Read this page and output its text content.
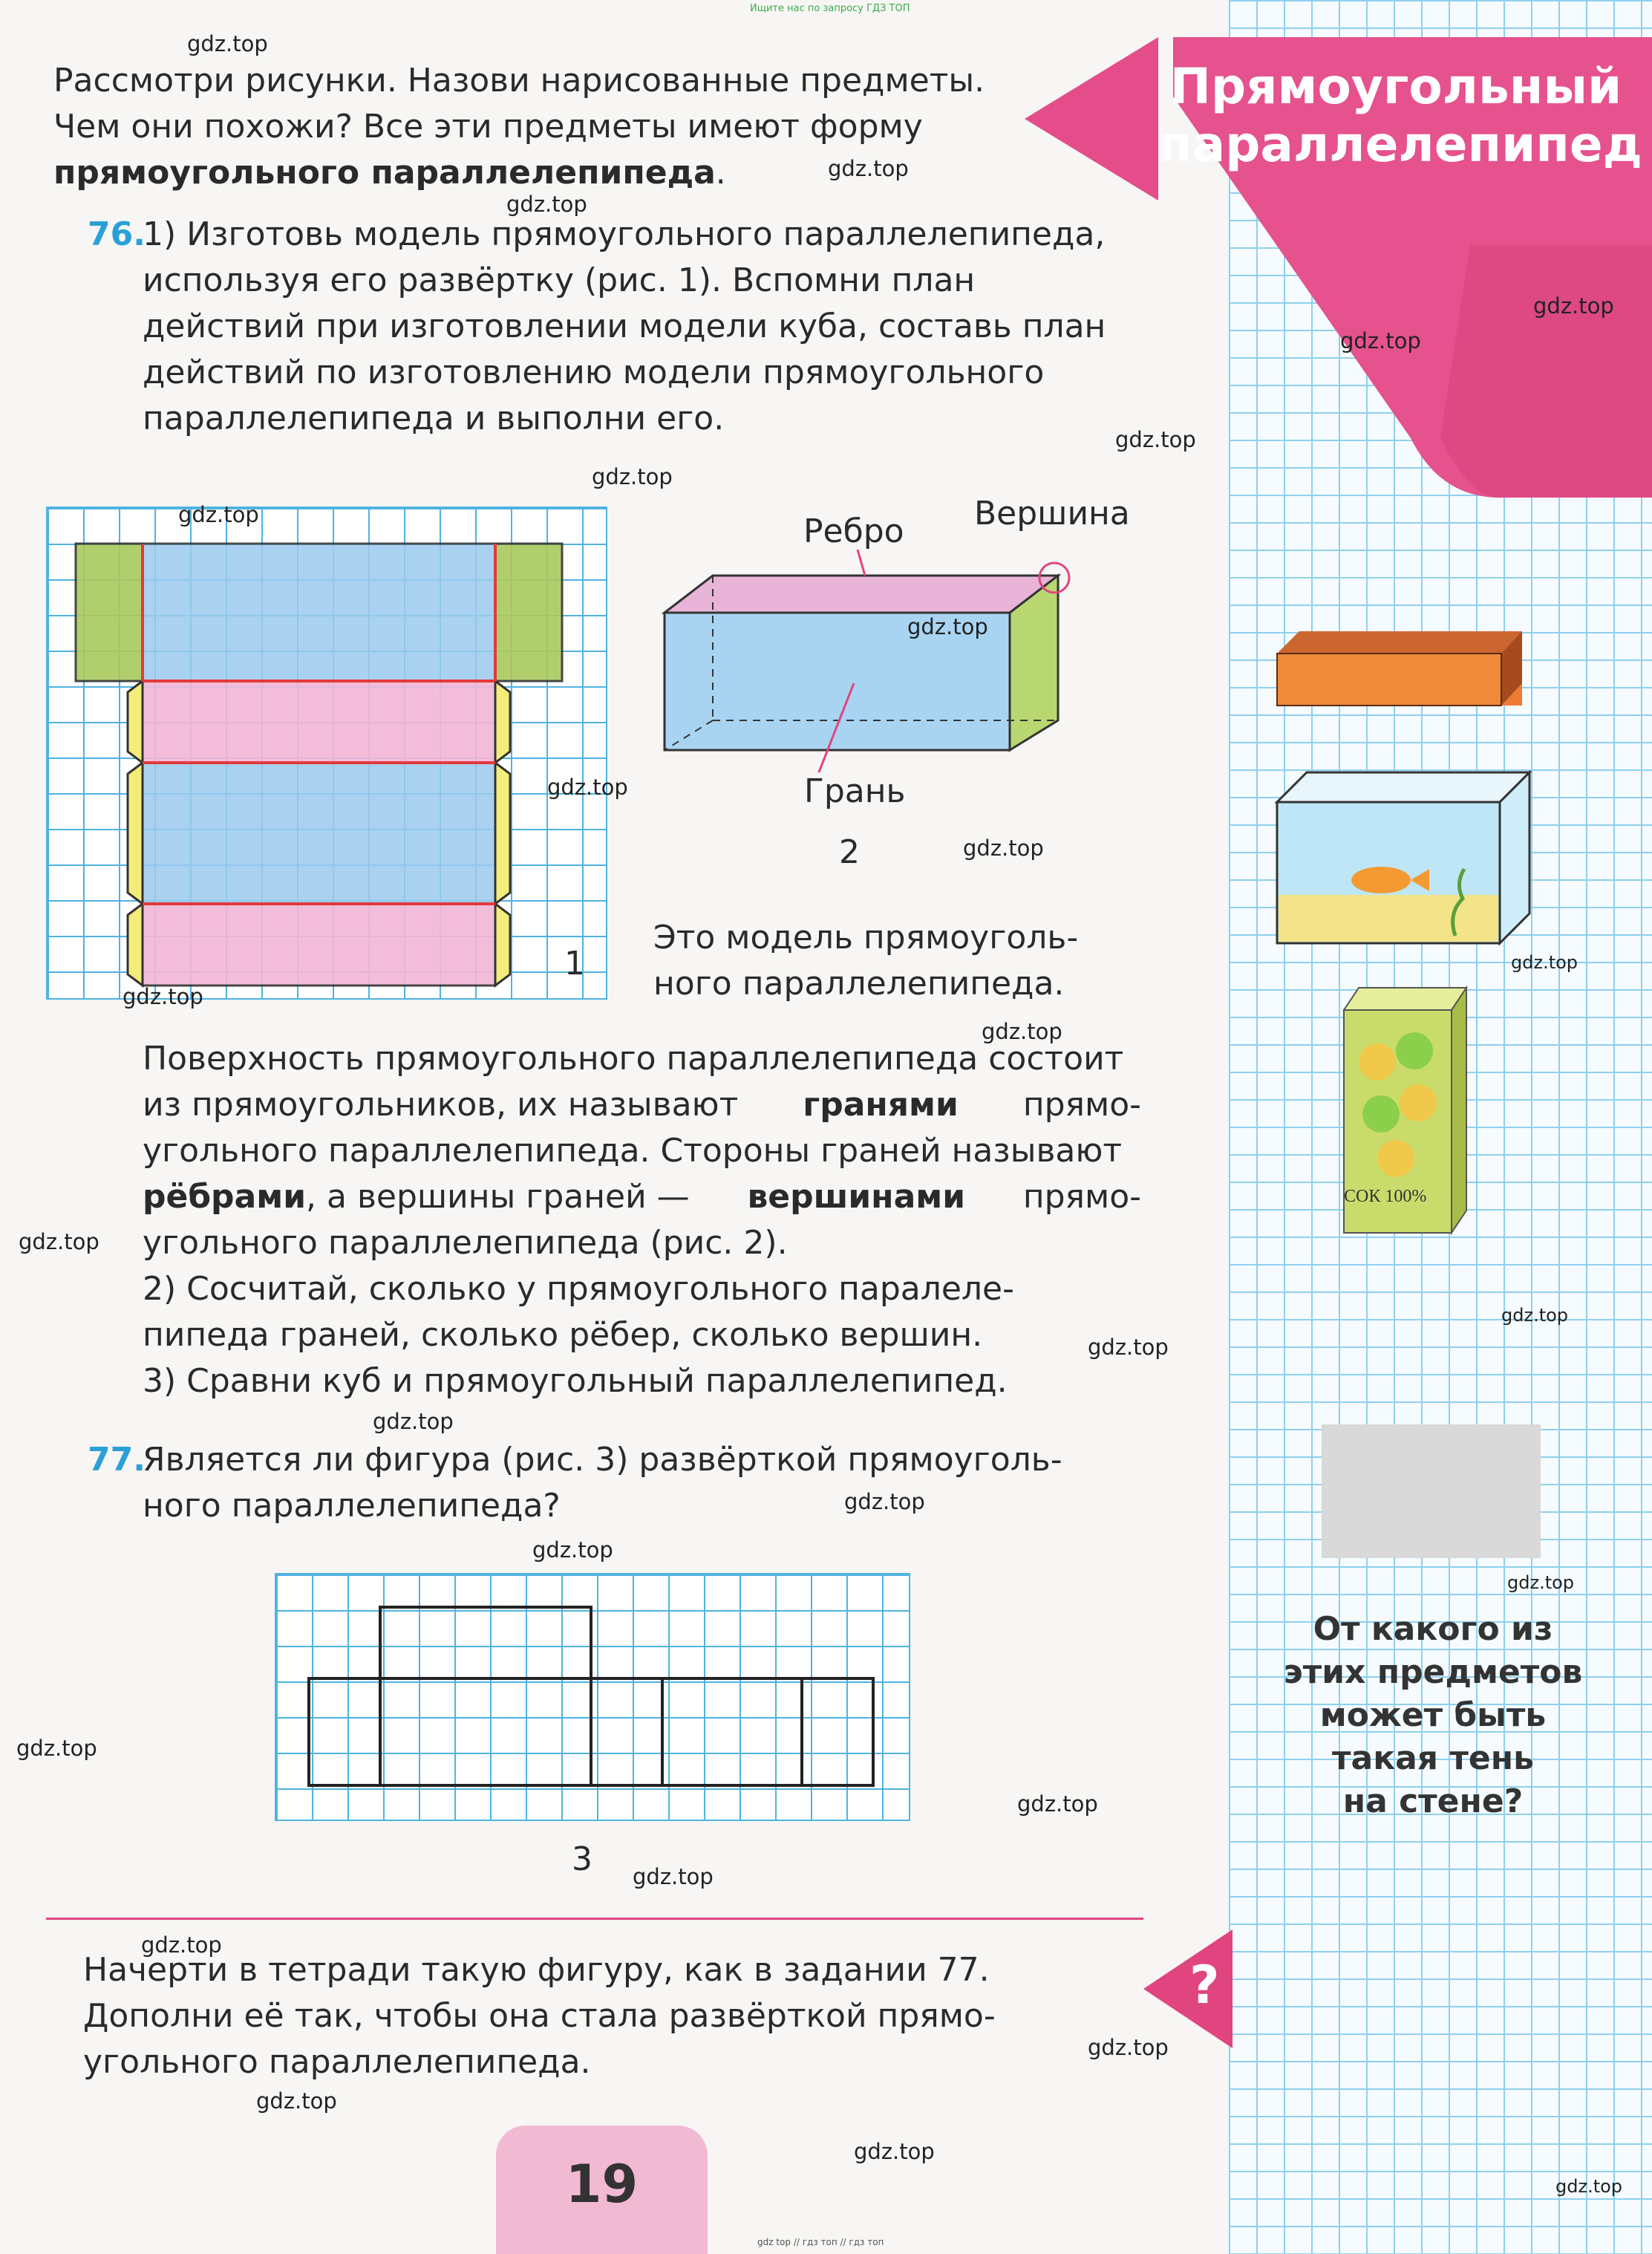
Прямоугольный
параллелепипед
Ищите нас по запросу ГДЗ ТОП
gdz top // гдз топ // гдз топ
Рассмотри рисунки. Назови нарисованные предметы.
Чем они похожи? Все эти предметы имеют форму
прямоугольного параллелепипеда.
76.
1) Изготовь модель прямоугольного параллелепипеда,
используя его развёртку (рис. 1). Вспомни план
действий при изготовлении модели куба, составь план
действий по изготовлению модели прямоугольного
параллелепипеда и выполни его.
1
Ребро Вершина
Грань
2
Это модель прямоуголь-
ного параллелепипеда.
Поверхность прямоугольного параллелепипеда состоит
из прямоугольников, их называют гранями прямо-
угольного параллелепипеда. Стороны граней называют
рёбрами, а вершины граней — вершинами прямо-
угольного параллелепипеда (рис. 2).
2) Сосчитай, сколько у прямоугольного паралеле-
пипеда граней, сколько рёбер, сколько вершин.
3) Сравни куб и прямоугольный параллелепипед.
77.
Является ли фигура (рис. 3) развёрткой прямоуголь-
ного параллелепипеда?
3
Начерти в тетради такую фигуру, как в задании 77.
Дополни её так, чтобы она стала развёрткой прямо-
угольного параллелепипеда.
?
19
СОК 100%
От какого из
этих предметов
может быть
такая тень
на стене?
gdz.top
gdz.top
gdz.top
gdz.top
gdz.top
gdz.top
gdz.top
gdz.top
gdz.top
gdz.top
gdz.top
gdz.top
gdz.top
gdz.top
gdz.top
gdz.top
gdz.top
gdz.top
gdz.top
gdz.top
gdz.top
gdz.top
gdz.top
gdz.top
gdz.top
gdz.top
gdz.top
gdz.top
gdz.top
